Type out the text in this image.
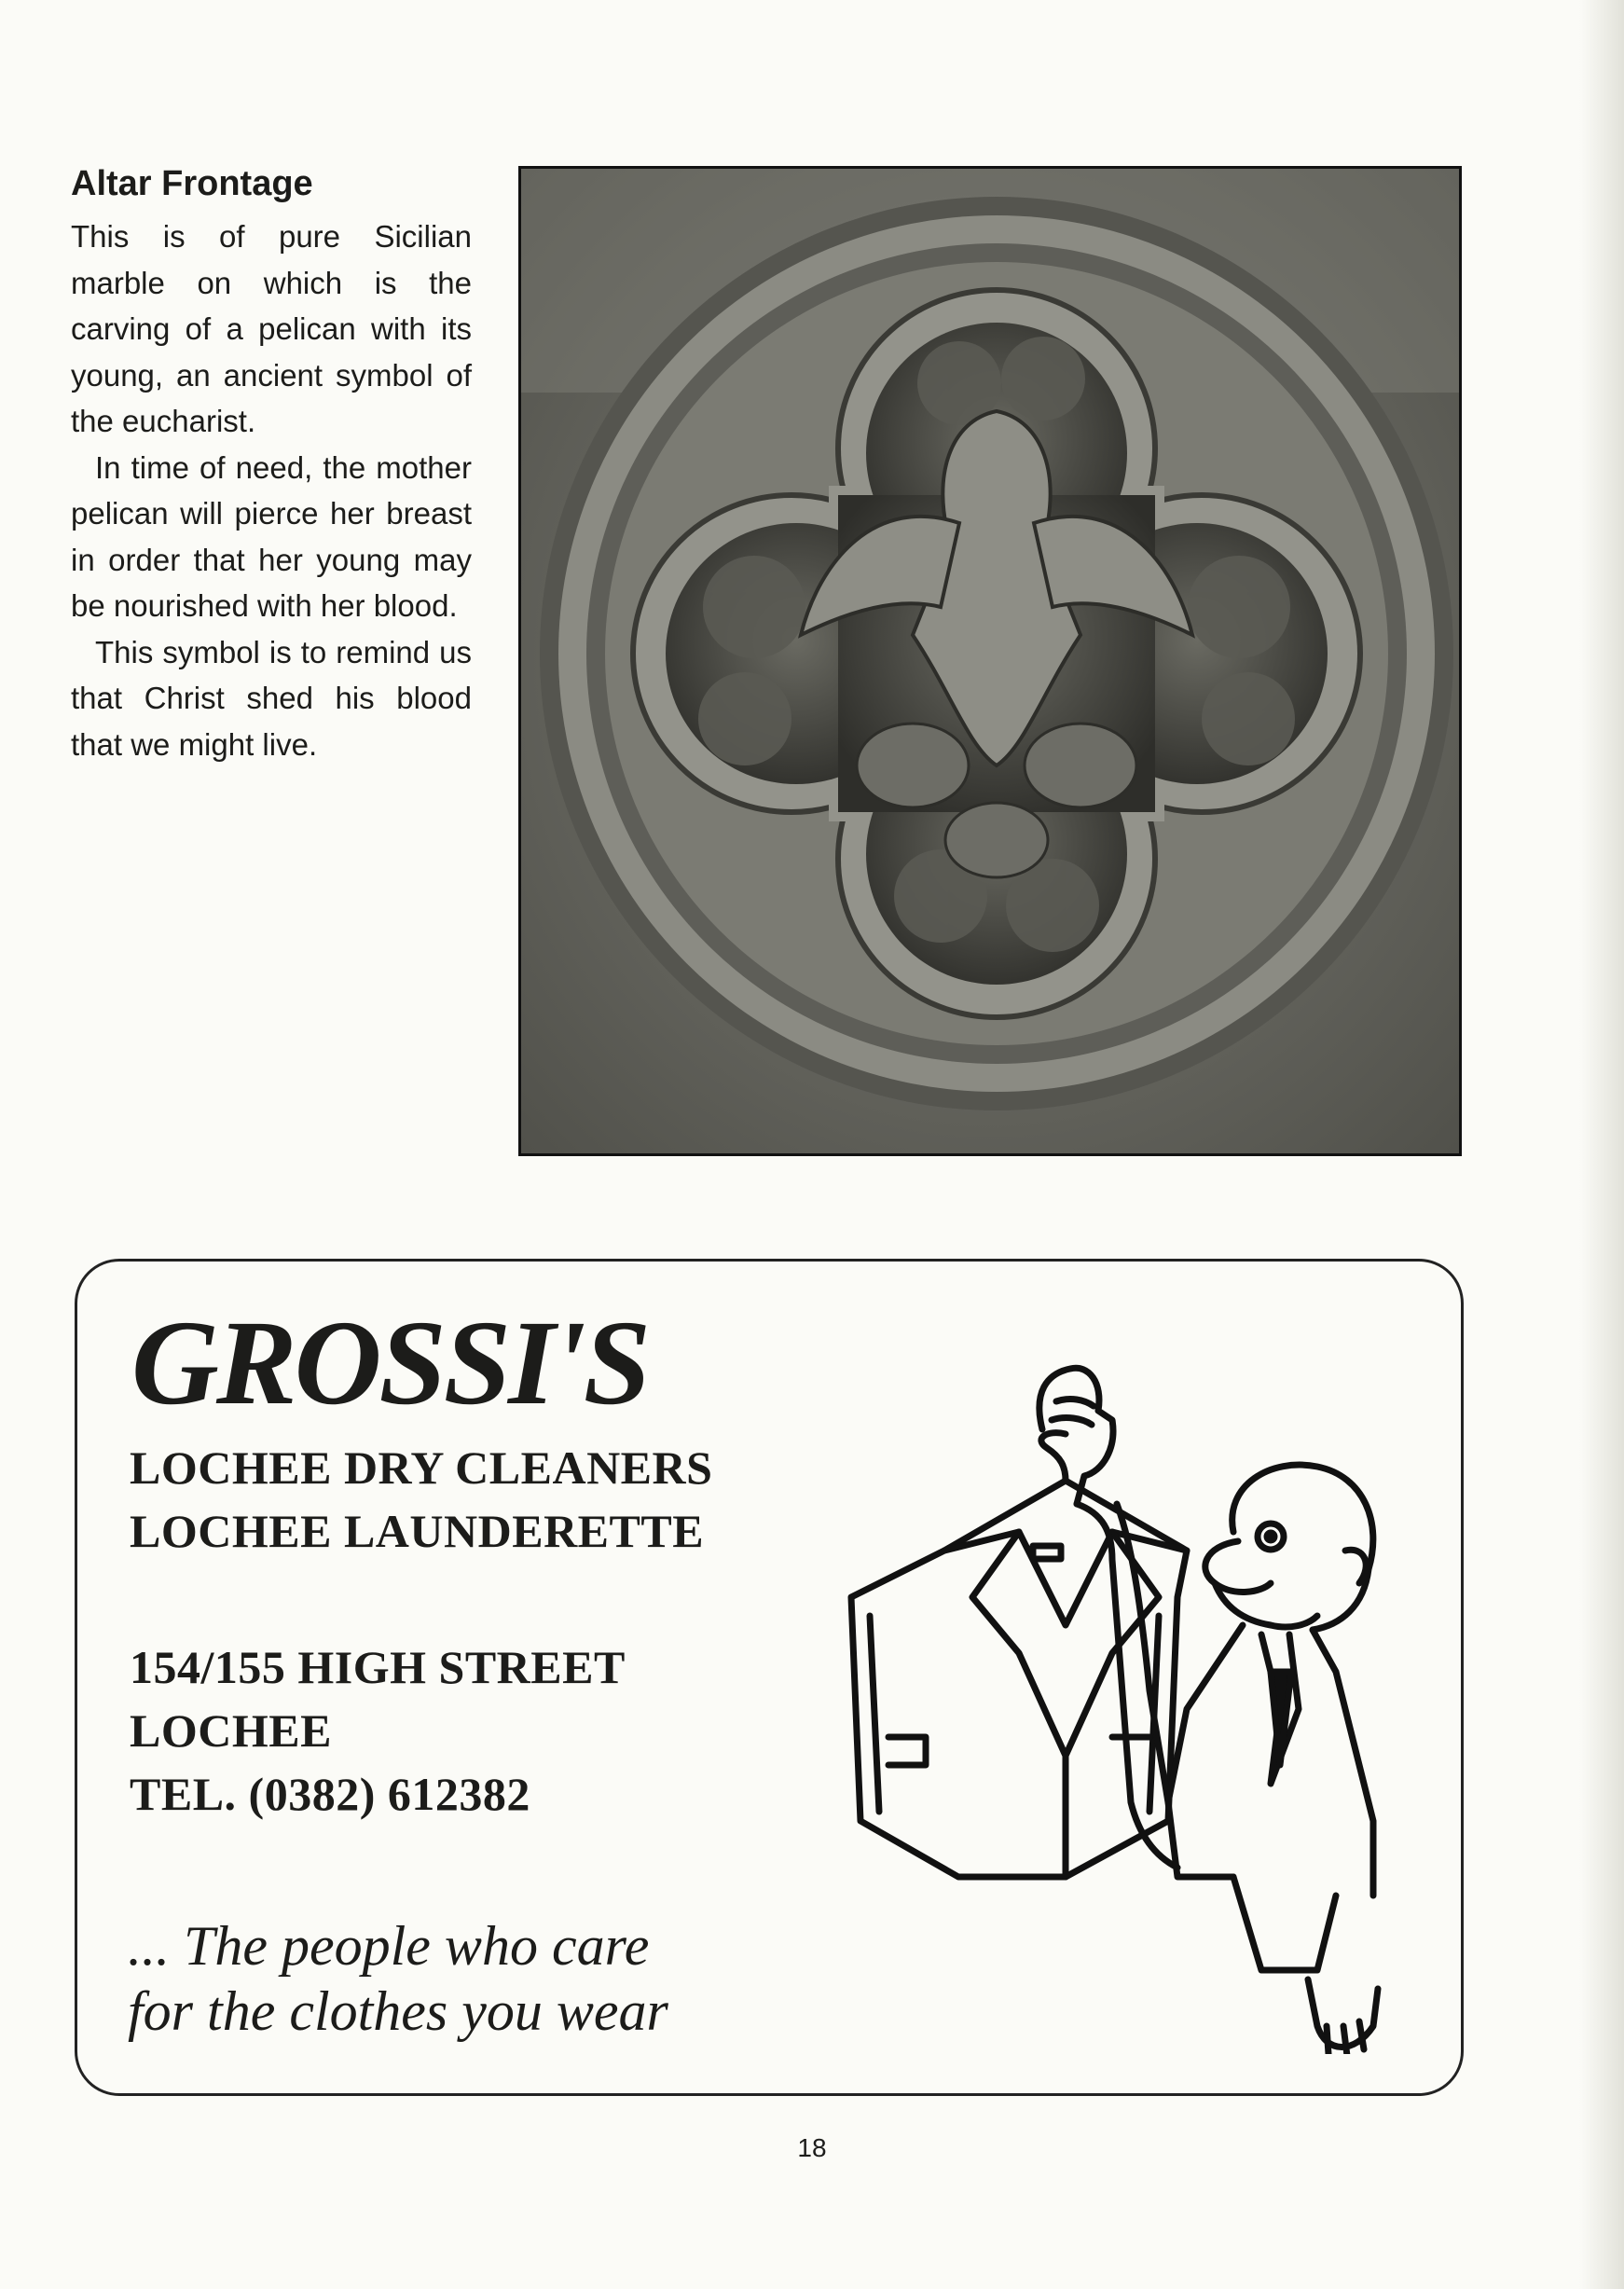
Altar Frontage

This is of pure Sicilian marble on which is the carving of a pelican with its young, an ancient symbol of the eucharist.

In time of need, the mother pelican will pierce her breast in order that her young may be nourished with her blood.

This symbol is to remind us that Christ shed his blood that we might live.

GROSSI'S
LOCHEE DRY CLEANERS
LOCHEE LAUNDERETTE
154/155 HIGH STREET
LOCHEE
TEL. (0382) 612382
... The people who care
for the clothes you wear
18
